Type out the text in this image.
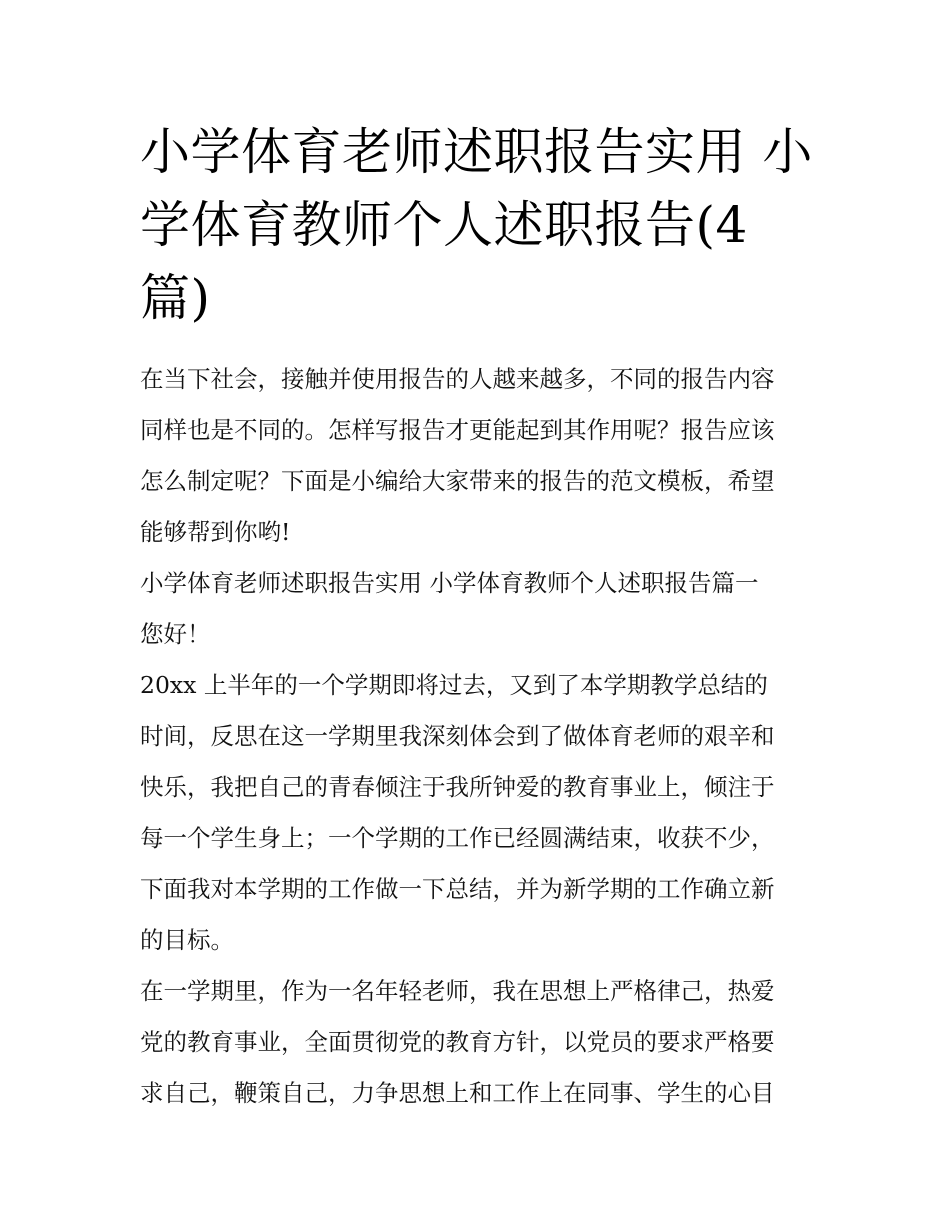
小学体育老师述职报告实用 小
学体育教师个人述职报告(4
篇)

在当下社会，接触并使用报告的人越来越多，不同的报告内容
同样也是不同的。怎样写报告才更能起到其作用呢？报告应该
怎么制定呢？下面是小编给大家带来的报告的范文模板，希望
能够帮到你哟!

小学体育老师述职报告实用 小学体育教师个人述职报告篇一

您好！

20xx 上半年的一个学期即将过去，又到了本学期教学总结的
时间，反思在这一学期里我深刻体会到了做体育老师的艰辛和
快乐，我把自己的青春倾注于我所钟爱的教育事业上，倾注于
每一个学生身上；一个学期的工作已经圆满结束，收获不少，
下面我对本学期的工作做一下总结，并为新学期的工作确立新
的目标。

在一学期里，作为一名年轻老师，我在思想上严格律己，热爱
党的教育事业，全面贯彻党的教育方针，以党员的要求严格要
求自己，鞭策自己，力争思想上和工作上在同事、学生的心目
